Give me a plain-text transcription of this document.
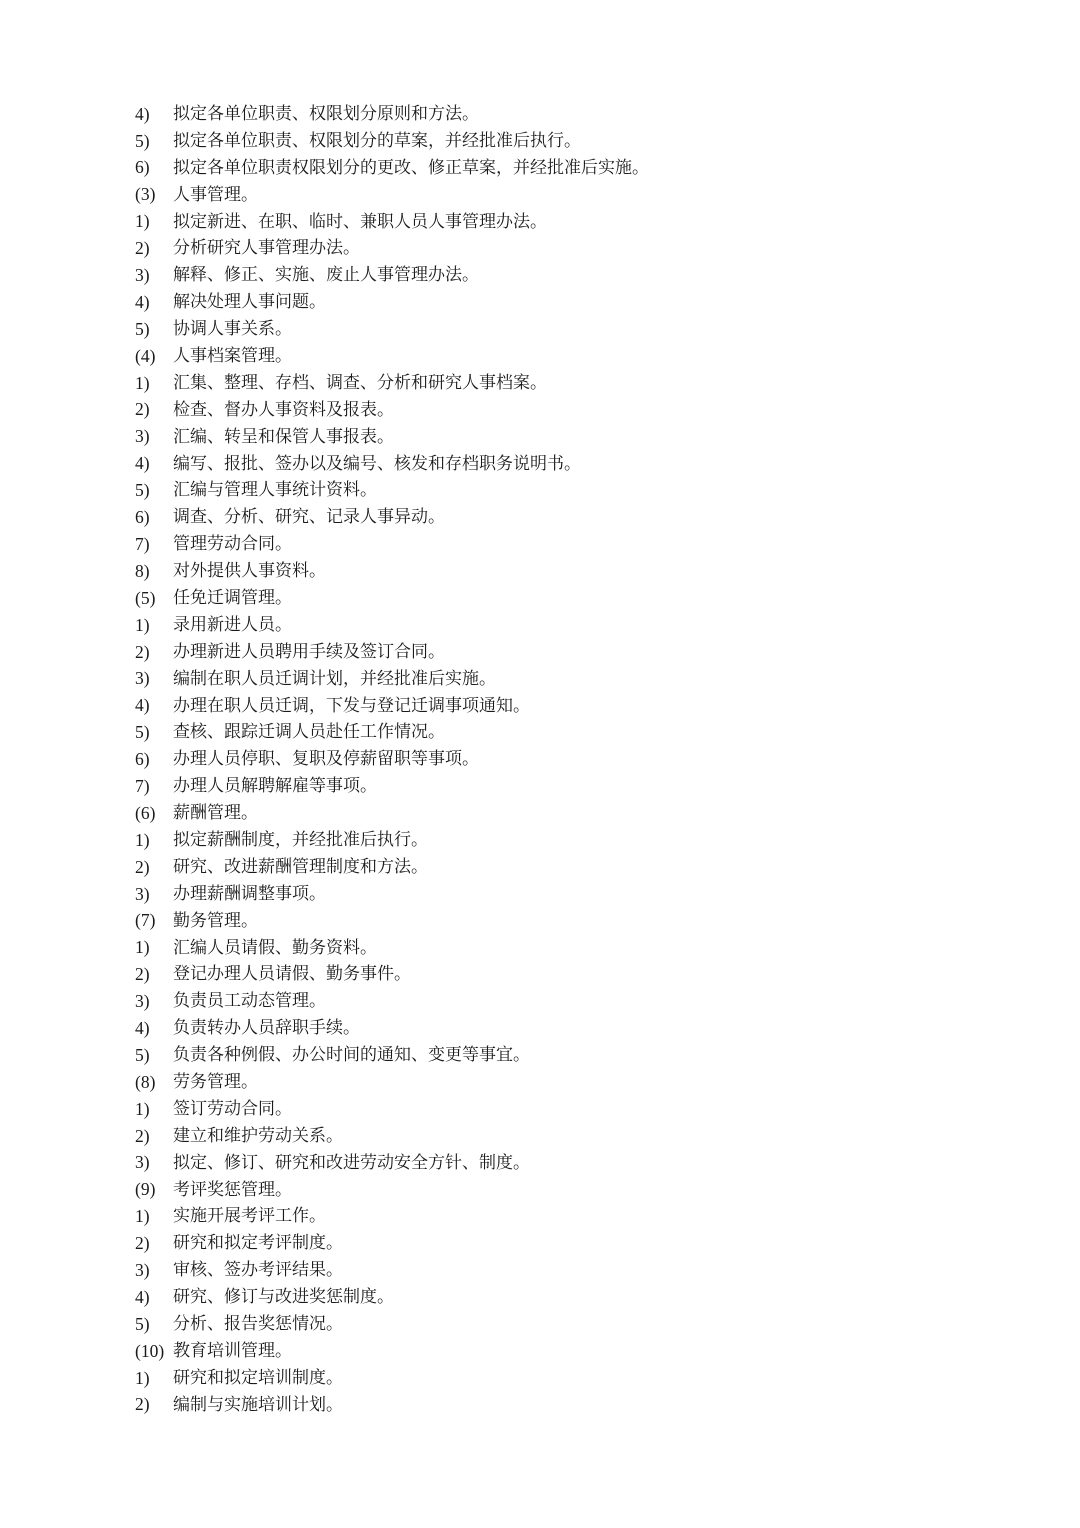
4)	拟定各单位职责、权限划分原则和方法。
5)	拟定各单位职责、权限划分的草案，并经批准后执行。
6)	拟定各单位职责权限划分的更改、修正草案，并经批准后实施。
(3)	人事管理。
1)	拟定新进、在职、临时、兼职人员人事管理办法。
2)	分析研究人事管理办法。
3)	解释、修正、实施、废止人事管理办法。
4)	解决处理人事问题。
5)	协调人事关系。
(4)	人事档案管理。
1)	汇集、整理、存档、调查、分析和研究人事档案。
2)	检查、督办人事资料及报表。
3)	汇编、转呈和保管人事报表。
4)	编写、报批、签办以及编号、核发和存档职务说明书。
5)	汇编与管理人事统计资料。
6)	调查、分析、研究、记录人事异动。
7)	管理劳动合同。
8)	对外提供人事资料。
(5)	任免迁调管理。
1)	录用新进人员。
2)	办理新进人员聘用手续及签订合同。
3)	编制在职人员迁调计划，并经批准后实施。
4)	办理在职人员迁调，下发与登记迁调事项通知。
5)	查核、跟踪迁调人员赴任工作情况。
6)	办理人员停职、复职及停薪留职等事项。
7)	办理人员解聘解雇等事项。
(6)	薪酬管理。
1)	拟定薪酬制度，并经批准后执行。
2)	研究、改进薪酬管理制度和方法。
3)	办理薪酬调整事项。
(7)	勤务管理。
1)	汇编人员请假、勤务资料。
2)	登记办理人员请假、勤务事件。
3)	负责员工动态管理。
4)	负责转办人员辞职手续。
5)	负责各种例假、办公时间的通知、变更等事宜。
(8)	劳务管理。
1)	签订劳动合同。
2)	建立和维护劳动关系。
3)	拟定、修订、研究和改进劳动安全方针、制度。
(9)	考评奖惩管理。
1)	实施开展考评工作。
2)	研究和拟定考评制度。
3)	审核、签办考评结果。
4)	研究、修订与改进奖惩制度。
5)	分析、报告奖惩情况。
(10) 教育培训管理。
1)	研究和拟定培训制度。
2)	编制与实施培训计划。
